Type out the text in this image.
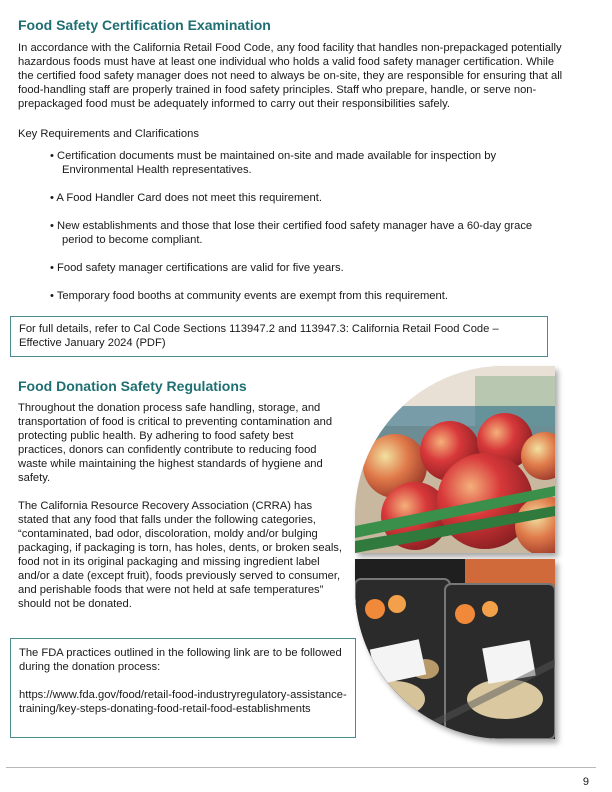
Food Safety Certification Examination

In accordance with the California Retail Food Code, any food facility that handles non-prepackaged potentially hazardous foods must have at least one individual who holds a valid food safety manager certification. While the certified food safety manager does not need to always be on-site, they are responsible for ensuring that all food-handling staff are properly trained in food safety principles. Staff who prepare, handle, or serve non-prepackaged food must be adequately informed to carry out their responsibilities safely.

Key Requirements and Clarifications

• Certification documents must be maintained on-site and made available for inspection by Environmental Health representatives.
• A Food Handler Card does not meet this requirement.
• New establishments and those that lose their certified food safety manager have a 60-day grace period to become compliant.
• Food safety manager certifications are valid for five years.
• Temporary food booths at community events are exempt from this requirement.
For full details, refer to Cal Code Sections 113947.2 and 113947.3: California Retail Food Code – Effective January 2024 (PDF)
Food Donation Safety Regulations

Throughout the donation process safe handling, storage, and transportation of food is critical to preventing contamination and protecting public health. By adhering to food safety best practices, donors can confidently contribute to reducing food waste while maintaining the highest standards of hygiene and safety.

The California Resource Recovery Association (CRRA) has stated that any food that falls under the following categories, “contaminated, bad odor, discoloration, moldy and/or bulging packaging, if packaging is torn, has holes, dents, or broken seals, food not in its original packaging and missing ingredient label and/or a date (except fruit), foods previously served to consumer, and perishable foods that were not held at safe temperatures” should not be donated.

The FDA practices outlined in the following link are to be followed during the donation process:

https://www.fda.gov/food/retail-food-industryregulatory-assistance-training/key-steps-donating-food-retail-food-establishments

9
